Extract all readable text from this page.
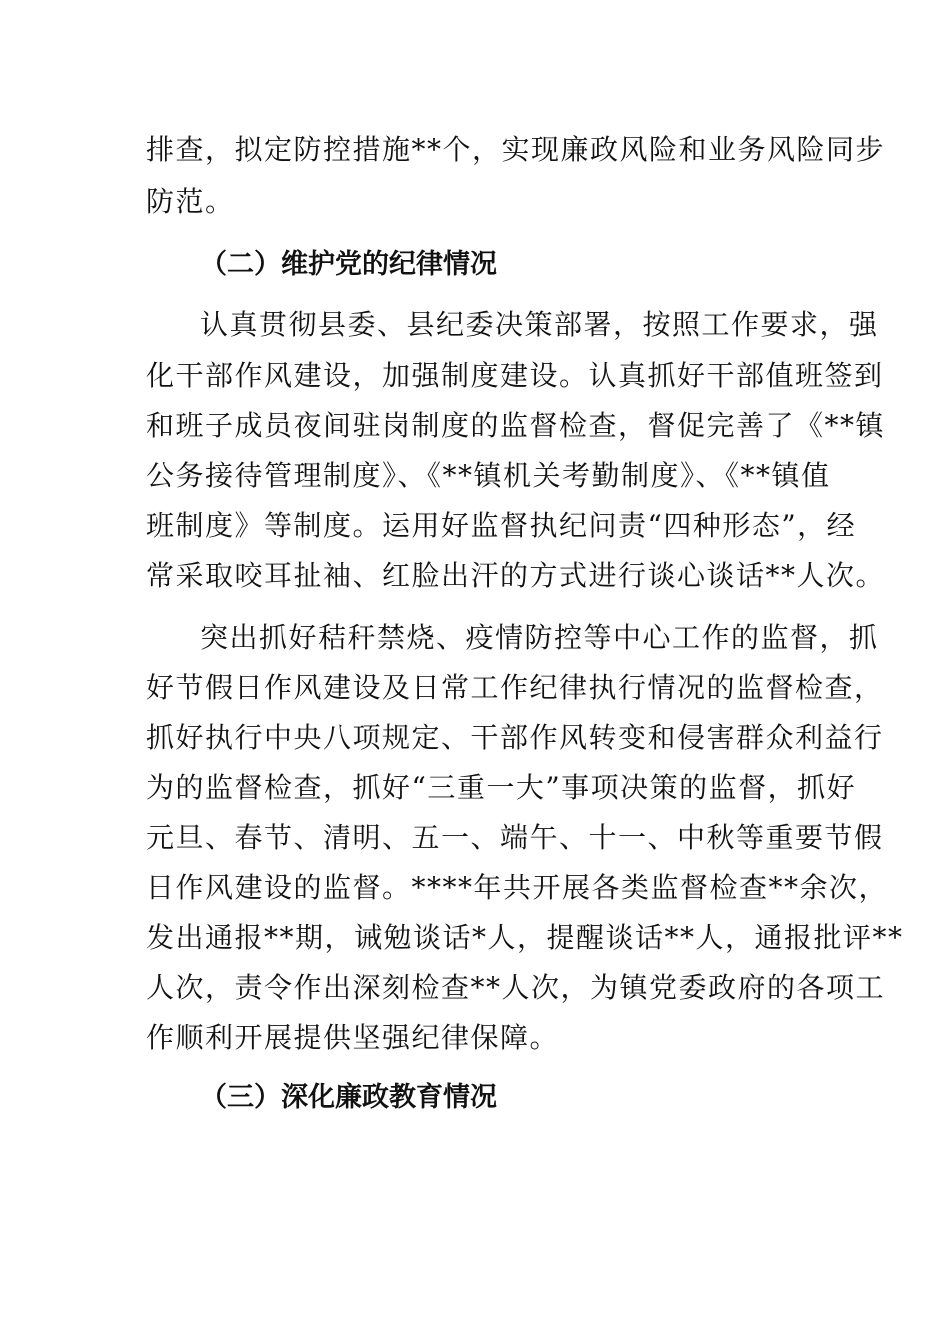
排查，拟定防控措施**个，实现廉政风险和业务风险同步
防范。
（二）维护党的纪律情况
认真贯彻县委、县纪委决策部署，按照工作要求，强
化干部作风建设，加强制度建设。认真抓好干部值班签到
和班子成员夜间驻岗制度的监督检查，督促完善了《**镇
公务接待管理制度》、《**镇机关考勤制度》、《**镇值
班制度》等制度。运用好监督执纪问责“四种形态”，经
常采取咬耳扯袖、红脸出汗的方式进行谈心谈话**人次。
突出抓好秸秆禁烧、疫情防控等中心工作的监督，抓
好节假日作风建设及日常工作纪律执行情况的监督检查，
抓好执行中央八项规定、干部作风转变和侵害群众利益行
为的监督检查，抓好“三重一大”事项决策的监督，抓好
元旦、春节、清明、五一、端午、十一、中秋等重要节假
日作风建设的监督。****年共开展各类监督检查**余次，
发出通报**期，诫勉谈话*人，提醒谈话**人，通报批评**
人次，责令作出深刻检查**人次，为镇党委政府的各项工
作顺利开展提供坚强纪律保障。
（三）深化廉政教育情况
